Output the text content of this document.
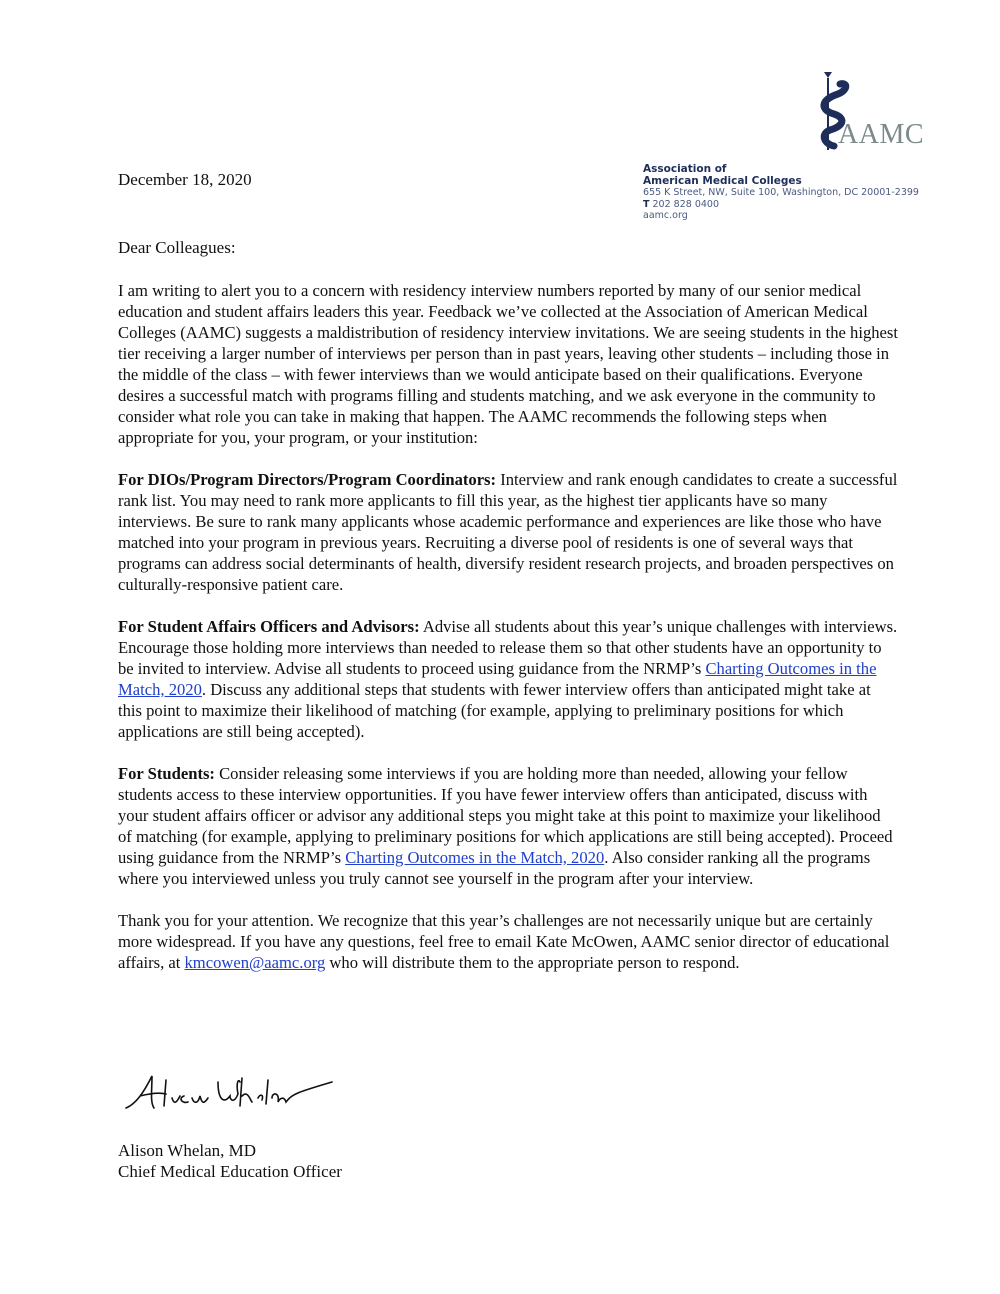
AAMC
Association of
American Medical Colleges
655 K Street, NW, Suite 100, Washington, DC 20001-2399
T 202 828 0400
aamc.org
December 18, 2020
Dear Colleagues:

I am writing to alert you to a concern with residency interview numbers reported by many of our senior medical education and student affairs leaders this year. Feedback we’ve collected at the Association of American Medical Colleges (AAMC) suggests a maldistribution of residency interview invitations. We are seeing students in the highest tier receiving a larger number of interviews per person than in past years, leaving other students – including those in the middle of the class – with fewer interviews than we would anticipate based on their qualifications. Everyone desires a successful match with programs filling and students matching, and we ask everyone in the community to consider what role you can take in making that happen. The AAMC recommends the following steps when appropriate for you, your program, or your institution:

For DIOs/Program Directors/Program Coordinators: Interview and rank enough candidates to create a successful rank list. You may need to rank more applicants to fill this year, as the highest tier applicants have so many interviews. Be sure to rank many applicants whose academic performance and experiences are like those who have matched into your program in previous years. Recruiting a diverse pool of residents is one of several ways that programs can address social determinants of health, diversify resident research projects, and broaden perspectives on culturally-responsive patient care.

For Student Affairs Officers and Advisors: Advise all students about this year’s unique challenges with interviews. Encourage those holding more interviews than needed to release them so that other students have an opportunity to be invited to interview. Advise all students to proceed using guidance from the NRMP’s Charting Outcomes in the Match, 2020. Discuss any additional steps that students with fewer interview offers than anticipated might take at this point to maximize their likelihood of matching (for example, applying to preliminary positions for which applications are still being accepted).

For Students: Consider releasing some interviews if you are holding more than needed, allowing your fellow students access to these interview opportunities. If you have fewer interview offers than anticipated, discuss with your student affairs officer or advisor any additional steps you might take at this point to maximize your likelihood of matching (for example, applying to preliminary positions for which applications are still being accepted). Proceed using guidance from the NRMP’s Charting Outcomes in the Match, 2020. Also consider ranking all the programs where you interviewed unless you truly cannot see yourself in the program after your interview.

Thank you for your attention. We recognize that this year’s challenges are not necessarily unique but are certainly more widespread. If you have any questions, feel free to email Kate McOwen, AAMC senior director of educational affairs, at kmcowen@aamc.org who will distribute them to the appropriate person to respond.

Alison Whelan, MD
Chief Medical Education Officer
